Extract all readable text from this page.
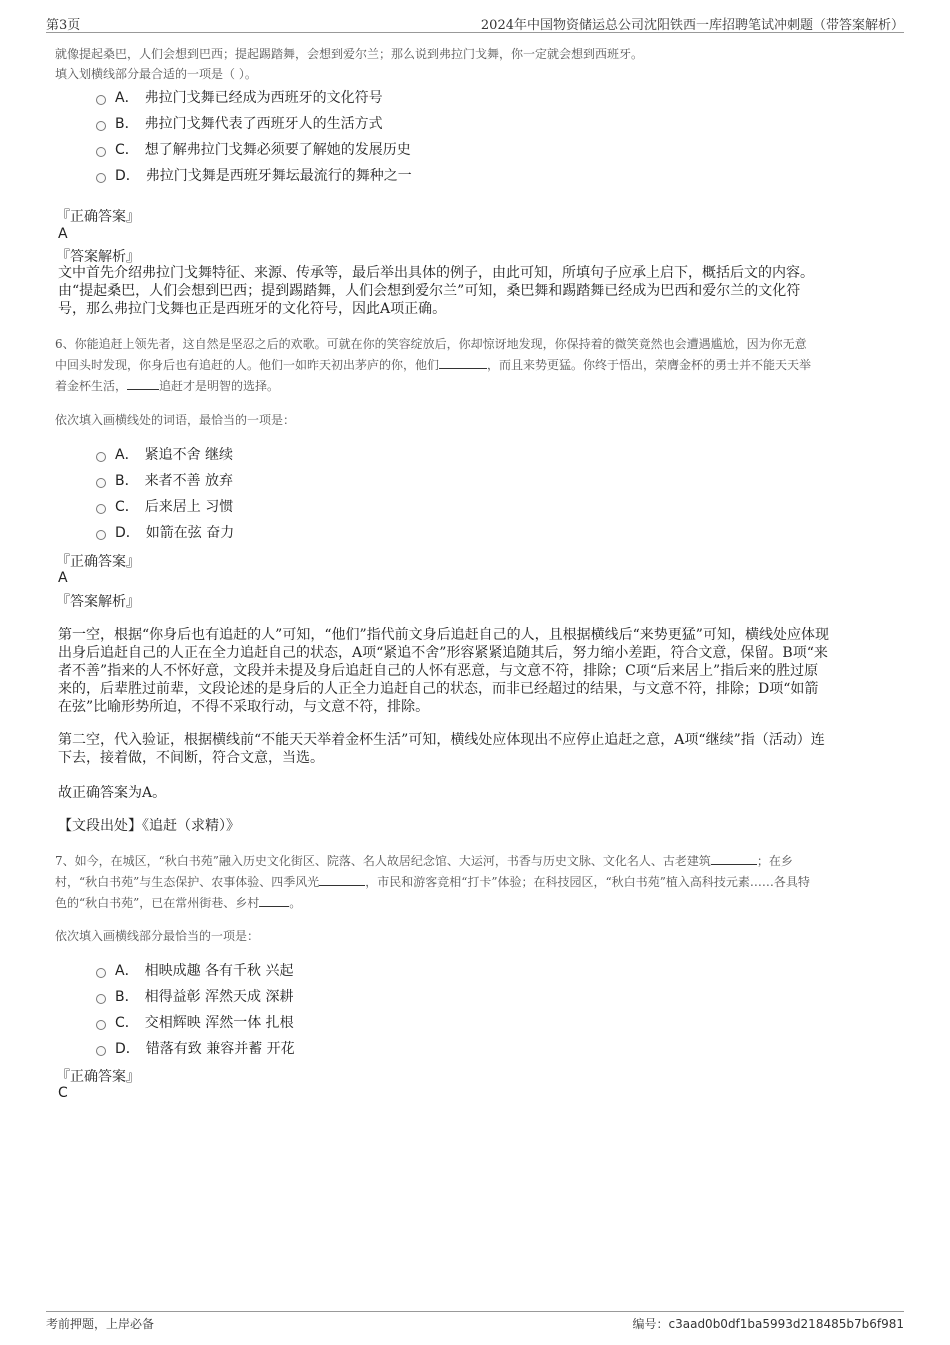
第3页	2024年中国物资储运总公司沈阳铁西一库招聘笔试冲刺题（带答案解析）
就像提起桑巴，人们会想到巴西；提起踢踏舞，会想到爱尔兰；那么说到弗拉门戈舞，你一定就会想到西班牙。
填入划横线部分最合适的一项是（ ）。
A． 弗拉门戈舞已经成为西班牙的文化符号
B． 弗拉门戈舞代表了西班牙人的生活方式
C． 想了解弗拉门戈舞必须要了解她的发展历史
D． 弗拉门戈舞是西班牙舞坛最流行的舞种之一
『正确答案』
A
『答案解析』
文中首先介绍弗拉门戈舞特征、来源、传承等，最后举出具体的例子，由此可知，所填句子应承上启下，概括后文的内容。
由“提起桑巴，人们会想到巴西；提到踢踏舞，人们会想到爱尔兰”可知，桑巴舞和踢踏舞已经成为巴西和爱尔兰的文化符
号，那么弗拉门戈舞也正是西班牙的文化符号，因此A项正确。
6、你能追赶上领先者，这自然是坚忍之后的欢歌。可就在你的笑容绽放后，你却惊讶地发现，你保持着的微笑竟然也会遭遇尴尬，因为你无意
中回头时发现，你身后也有追赶的人。他们一如昨天初出茅庐的你，他们	，而且来势更猛。你终于悟出，荣膺金杯的勇士并不能天天举
着金杯生活，	追赶才是明智的选择。
依次填入画横线处的词语，最恰当的一项是：
A． 紧追不舍 继续
B． 来者不善 放弃
C． 后来居上 习惯
D． 如箭在弦 奋力
『正确答案』
A
『答案解析』
第一空，根据“你身后也有追赶的人”可知，“他们”指代前文身后追赶自己的人，且根据横线后“来势更猛”可知，横线处应体现
出身后追赶自己的人正在全力追赶自己的状态，A项“紧追不舍”形容紧紧追随其后，努力缩小差距，符合文意，保留。B项“来
者不善”指来的人不怀好意，文段并未提及身后追赶自己的人怀有恶意，与文意不符，排除；C项“后来居上”指后来的胜过原
来的，后辈胜过前辈，文段论述的是身后的人正全力追赶自己的状态，而非已经超过的结果，与文意不符，排除；D项“如箭
在弦”比喻形势所迫，不得不采取行动，与文意不符，排除。
第二空，代入验证，根据横线前“不能天天举着金杯生活”可知，横线处应体现出不应停止追赶之意，A项“继续”指（活动）连
下去，接着做，不间断，符合文意，当选。
故正确答案为A。
【文段出处】《追赶（求精）》
7、如今，在城区，“秋白书苑”融入历史文化街区、院落、名人故居纪念馆、大运河，书香与历史文脉、文化名人、古老建筑	；在乡
村，“秋白书苑”与生态保护、农事体验、四季风光	，市民和游客竞相“打卡”体验；在科技园区，“秋白书苑”植入高科技元素……各具特
色的“秋白书苑”，已在常州街巷、乡村	。
依次填入画横线部分最恰当的一项是：
A． 相映成趣 各有千秋 兴起
B． 相得益彰 浑然天成 深耕
C． 交相辉映 浑然一体 扎根
D． 错落有致 兼容并蓄 开花
『正确答案』
C
考前押题，上岸必备	编号：c3aad0b0df1ba5993d218485b7b6f981
